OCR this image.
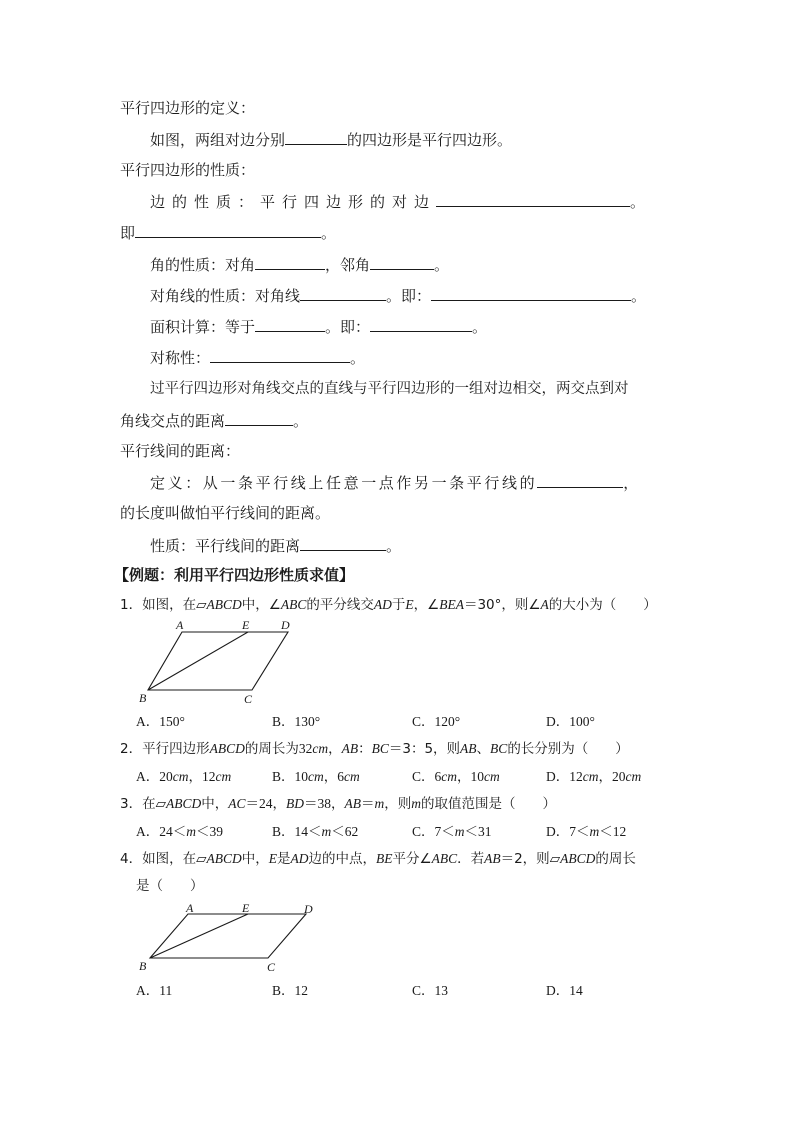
平行四边形的定义：
如图，两组对边分别	的四边形是平行四边形。
平行四边形的性质：
边的性质：平行四边形的对边	。
即	。
角的性质：对角	，邻角	。
对角线的性质：对角线	。即：	。
面积计算：等于	。即：	。
对称性：	。
过平行四边形对角线交点的直线与平行四边形的一组对边相交，两交点到对
角线交点的距离	。
平行线间的距离：
定义：从一条平行线上任意一点作另一条平行线的	，
的长度叫做怕平行线间的距离。
性质：平行线间的距离	。
【例题：利用平行四边形性质求值】
1．如图，在▱ABCD中，∠ABC的平分线交AD于E，∠BEA＝30°，则∠A的大小为（　　）
A	E	D
B	C
A．150°	B．130°	C．120°	D．100°
2．平行四边形ABCD的周长为32cm，AB：BC＝3：5，则AB、BC的长分别为（　　）
A．20cm，12cm	B．10cm，6cm	C．6cm，10cm	D．12cm，20cm
3．在▱ABCD中，AC＝24，BD＝38，AB＝m，则m的取值范围是（　　）
A．24＜m＜39	B．14＜m＜62	C．7＜m＜31	D．7＜m＜12
4．如图，在▱ABCD中，E是AD边的中点，BE平分∠ABC．若AB＝2，则▱ABCD的周长
是（　　）
A	E	D
B	C
A．11	B．12	C．13	D．14
